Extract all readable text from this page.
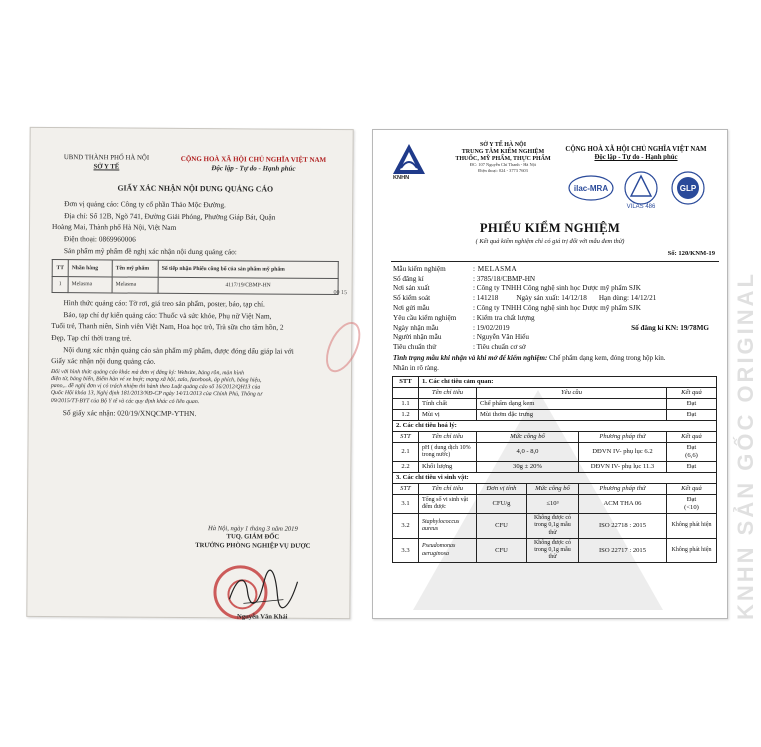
UBND THÀNH PHỐ HÀ NỘI
SỞ Y TẾ
CỘNG HOÀ XÃ HỘI CHỦ NGHĨA VIỆT NAM
Độc lập - Tự do - Hạnh phúc
GIẤY XÁC NHẬN NỘI DUNG QUẢNG CÁO
Đơn vị quảng cáo: Công ty cổ phần Thảo Mộc Đường.
Địa chỉ: Số 12B, Ngõ 741, Đường Giải Phóng, Phường Giáp Bát, Quận
Hoàng Mai, Thành phố Hà Nội, Việt Nam
Điện thoại: 0869960006
Sản phẩm mỹ phẩm đề nghị xác nhận nội dung quảng cáo:
TT	Nhãn hàng	Tên mỹ phẩm	Số tiếp nhận Phiếu công bố của sản phẩm mỹ phẩm
1	Melasma	Melasma	4117/19/CBMP-HN
Hình thức quảng cáo: Tờ rơi, giá treo sản phẩm, poster, báo, tạp chí.
Báo, tạp chí dự kiến quảng cáo: Thuốc và sức khỏe, Phụ nữ Việt Nam,
Tuổi trẻ, Thanh niên, Sinh viên Việt Nam, Hoa học trò, Trà sữa cho tâm hồn, 2
Đẹp, Tạp chí thời trang trẻ.
Nội dung xác nhận quảng cáo sản phẩm mỹ phẩm, được đóng dấu giáp lai với
Giấy xác nhận nội dung quảng cáo.
Đối với hình thức quảng cáo khác mà đơn vị đăng ký: Website, bảng rôn, màn hình
điện tử, bảng biển, Biểm hàn vé xe buýt; mạng xã hội, zalo, facebook, áp phích, băng hiệu,
pano,.. đề nghị đơn vị có trách nhiệm thi hành theo Luật quảng cáo số 16/2012/QH13 của
Quốc Hội khóa 13, Nghị định 181/2013/NĐ-CP ngày 14/11/2013 của Chính Phủ, Thông tư
09/2015/TT-BYT của Bộ Y tế và các quy định khác có liên quan.
Số giấy xác nhận: 020/19/XNQCMP-YTHN.
Hà Nội, ngày 1 tháng 3 năm 2019
TUQ. GIÁM ĐỐC
TRƯỞNG PHÒNG NGHIỆP VỤ DƯỢC
Nguyễn Văn Khải
00 15	KNHN SẢN GỐC ORIGINAL
KNHN
SỞ Y TẾ HÀ NỘI
TRUNG TÂM KIỂM NGHIỆM
THUỐC, MỸ PHẨM, THỰC PHẨM
ĐC: 107 Nguyễn Chí Thanh - Hà Nội
Điện thoại: 024 - 3773 7603
CỘNG HOÀ XÃ HỘI CHỦ NGHĨA VIỆT NAM
Độc lập - Tự do - Hạnh phúc
ilac-MRA
VILAS 486
GLP
PHIẾU KIỂM NGHIỆM
( Kết quả kiểm nghiệm chỉ có giá trị đối với mẫu đem thử)
Số: 120/KNM-19
Mẫu kiểm nghiệm	: MELASMA
Số đăng kí	: 3785/18/CBMP-HN
Nơi sản xuất	: Công ty TNHH Công nghệ sinh học Dược mỹ phẩm SJK
Số kiểm soát	: 141218	Ngày sản xuất: 14/12/18 Hạn dùng: 14/12/21
Nơi gửi mẫu	: Công ty TNHH Công nghệ sinh học Dược mỹ phẩm SJK
Yêu cầu kiểm nghiệm	: Kiểm tra chất lượng
Ngày nhận mẫu	: 19/02/2019	Số đăng kí KN: 19/78MG
Người nhận mẫu	: Nguyễn Văn Hiếu
Tiêu chuẩn thử	: Tiêu chuẩn cơ sở
Tình trạng mẫu khi nhận và khi mở để kiểm nghiệm: Chế phẩm dạng kem, đóng trong hộp kín.
Nhãn in rõ ràng.
STT	1. Các chỉ tiêu cảm quan:				
	Tên chỉ tiêu	Yêu cầu			Kết quả
1.1	Tính chất	Chế phẩm dạng kem			Đạt
1.2	Mùi vị	Mùi thơm đặc trưng			Đạt
2. Các chỉ tiêu hoá lý:					
STT	Tên chỉ tiêu	Mức công bố		Phương pháp thử	Kết quả
2.1	pH ( dung dịch 10% trong nước)	4,0 - 8,0		DĐVN IV- phụ lục 6.2	Đạt
(6,6)

2.2	Khối lượng	30g ± 20%		DĐVN IV- phụ lục 11.3	Đạt
3. Các chỉ tiêu vi sinh vật:					
STT	Tên chỉ tiêu	Đơn vị tính	Mức công bố	Phương pháp thử	Kết quả
3.1	Tổng số vi sinh vật đếm được	CFU/g	≤10³	ACM THA 06	Đạt
(<10)

3.2	Staphylococcus aureus	CFU	Không được có trong 0,1g mẫu thử	ISO 22718 : 2015	Không phát hiện
3.3	Pseudomonas aeruginosa	CFU	Không được có trong 0,1g mẫu thử	ISO 22717 : 2015	Không phát hiện
